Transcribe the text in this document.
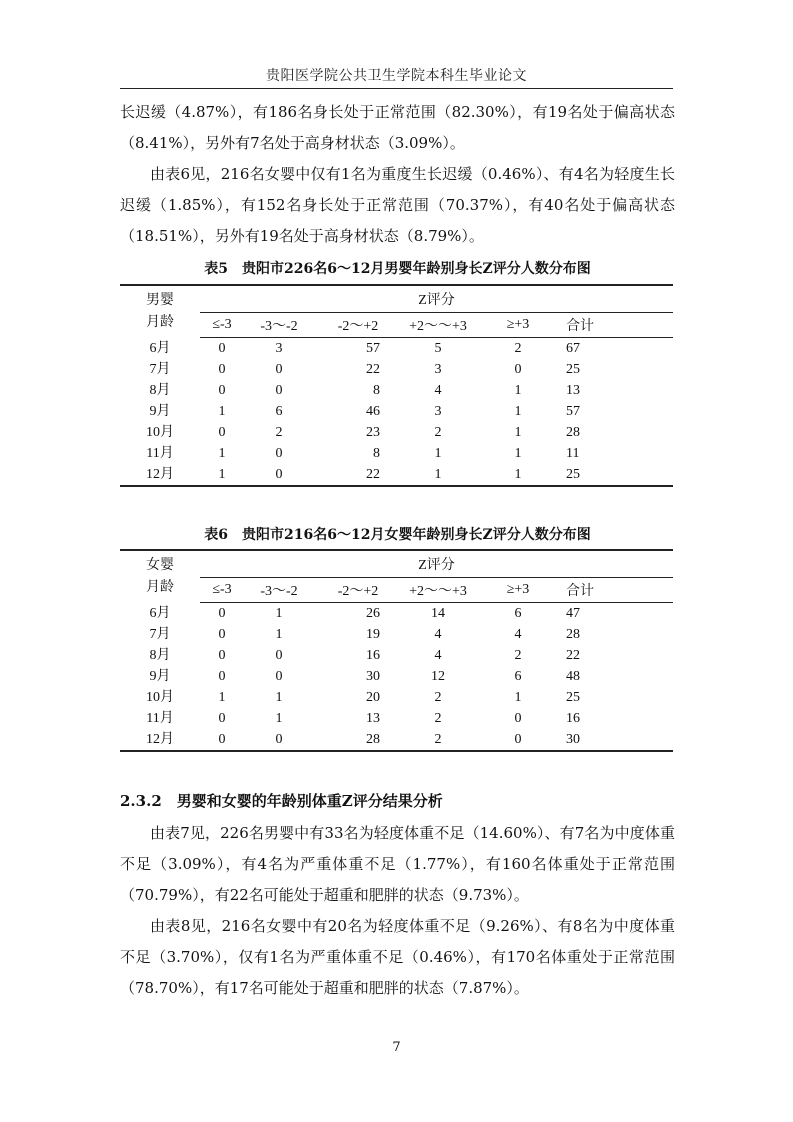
贵阳医学院公共卫生学院本科生毕业论文

长迟缓（4.87%），有186名身长处于正常范围（82.30%），有19名处于偏高状态（8.41%），另外有7名处于高身材状态（3.09%）。

由表6见，216名女婴中仅有1名为重度生长迟缓（0.46%）、有4名为轻度生长迟缓（1.85%），有152名身长处于正常范围（70.37%），有40名处于偏高状态（18.51%），另外有19名处于高身材状态（8.79%）。

表5　贵阳市226名6～12月男婴年龄别身长Z评分人数分布图
男婴月龄	Z评分						
	≤-3	-3～-2	-2～+2	+2～～+3	≥+3	合计	
6月	0	3	57	5	2	67	
7月	0	0	22	3	0	25	
8月	0	0	8	4	1	13	
9月	1	6	46	3	1	57	
10月	0	2	23	2	1	28	
11月	1	0	8	1	1	11	
12月	1	0	22	1	1	25	
表6　贵阳市216名6～12月女婴年龄别身长Z评分人数分布图
女婴月龄	Z评分						
	≤-3	-3～-2	-2～+2	+2～～+3	≥+3	合计	
6月	0	1	26	14	6	47	
7月	0	1	19	4	4	28	
8月	0	0	16	4	2	22	
9月	0	0	30	12	6	48	
10月	1	1	20	2	1	25	
11月	0	1	13	2	0	16	
12月	0	0	28	2	0	30	
2.3.2　男婴和女婴的年龄别体重Z评分结果分析

由表7见，226名男婴中有33名为轻度体重不足（14.60%）、有7名为中度体重不足（3.09%），有4名为严重体重不足（1.77%），有160名体重处于正常范围（70.79%），有22名可能处于超重和肥胖的状态（9.73%）。

由表8见，216名女婴中有20名为轻度体重不足（9.26%）、有8名为中度体重不足（3.70%），仅有1名为严重体重不足（0.46%），有170名体重处于正常范围（78.70%），有17名可能处于超重和肥胖的状态（7.87%）。

7
